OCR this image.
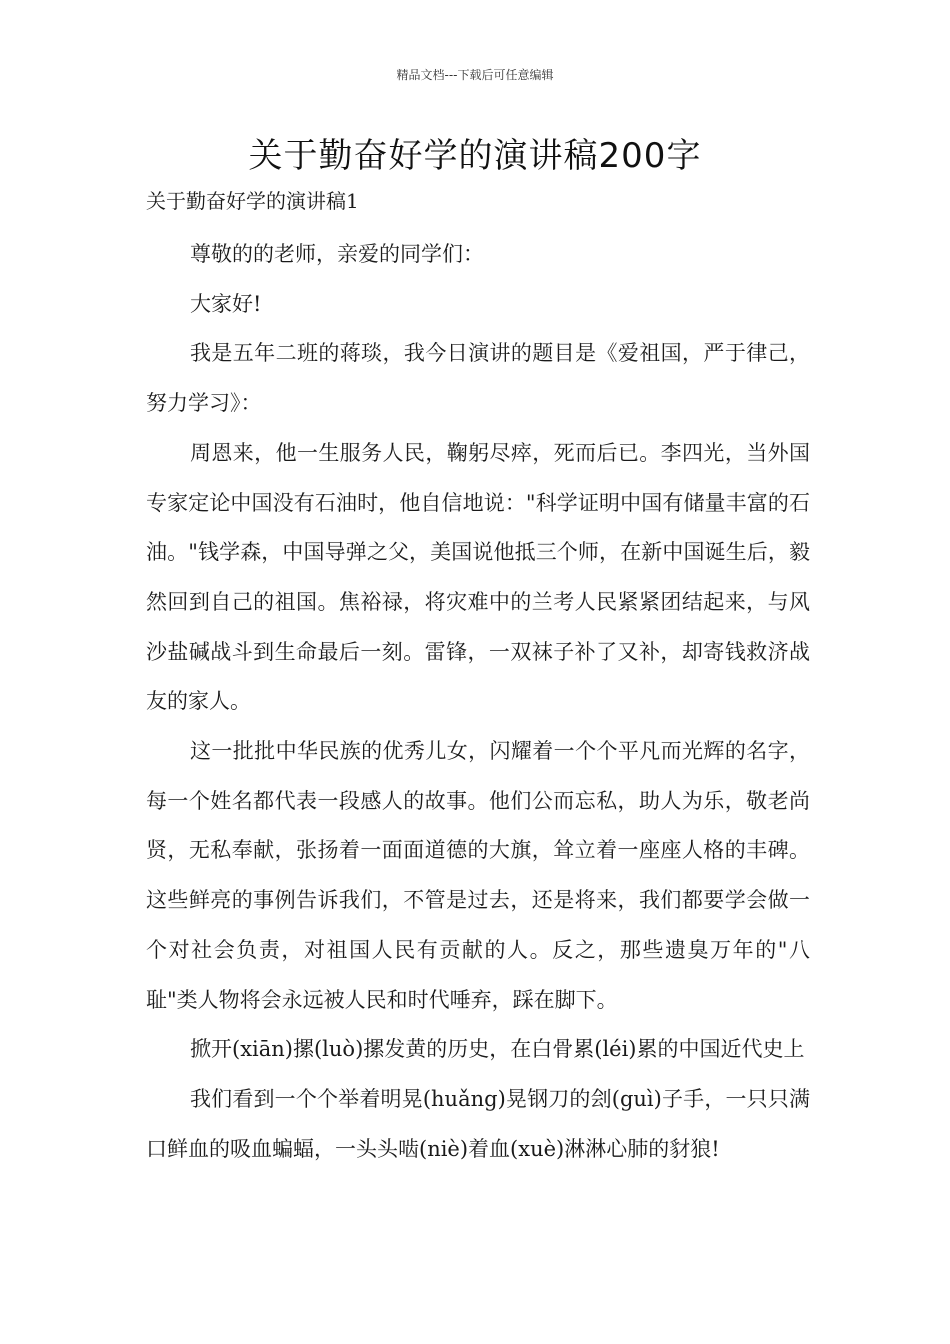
精品文档---下载后可任意编辑
关于勤奋好学的演讲稿200字
关于勤奋好学的演讲稿1

尊敬的的老师，亲爱的同学们：

大家好!

我是五年二班的蒋琰，我今日演讲的题目是《爱祖国，严于律己，努力学习》：

周恩来，他一生服务人民，鞠躬尽瘁，死而后已。李四光，当外国专家定论中国没有石油时，他自信地说："科学证明中国有储量丰富的石油。"钱学森，中国导弹之父，美国说他抵三个师，在新中国诞生后，毅然回到自己的祖国。焦裕禄，将灾难中的兰考人民紧紧团结起来，与风沙盐碱战斗到生命最后一刻。雷锋，一双袜子补了又补，却寄钱救济战友的家人。

这一批批中华民族的优秀儿女，闪耀着一个个平凡而光辉的名字，每一个姓名都代表一段感人的故事。他们公而忘私，助人为乐，敬老尚贤，无私奉献，张扬着一面面道德的大旗，耸立着一座座人格的丰碑。这些鲜亮的事例告诉我们，不管是过去，还是将来，我们都要学会做一个对社会负责，对祖国人民有贡献的人。反之，那些遗臭万年的"八耻"类人物将会永远被人民和时代唾弃，踩在脚下。

掀开(xiān)摞(luò)摞发黄的历史，在白骨累(léi)累的中国近代史上

我们看到一个个举着明晃(huǎng)晃钢刀的刽(guì)子手，一只只满口鲜血的吸血蝙蝠，一头头啮(niè)着血(xuè)淋淋心肺的豺狼!
